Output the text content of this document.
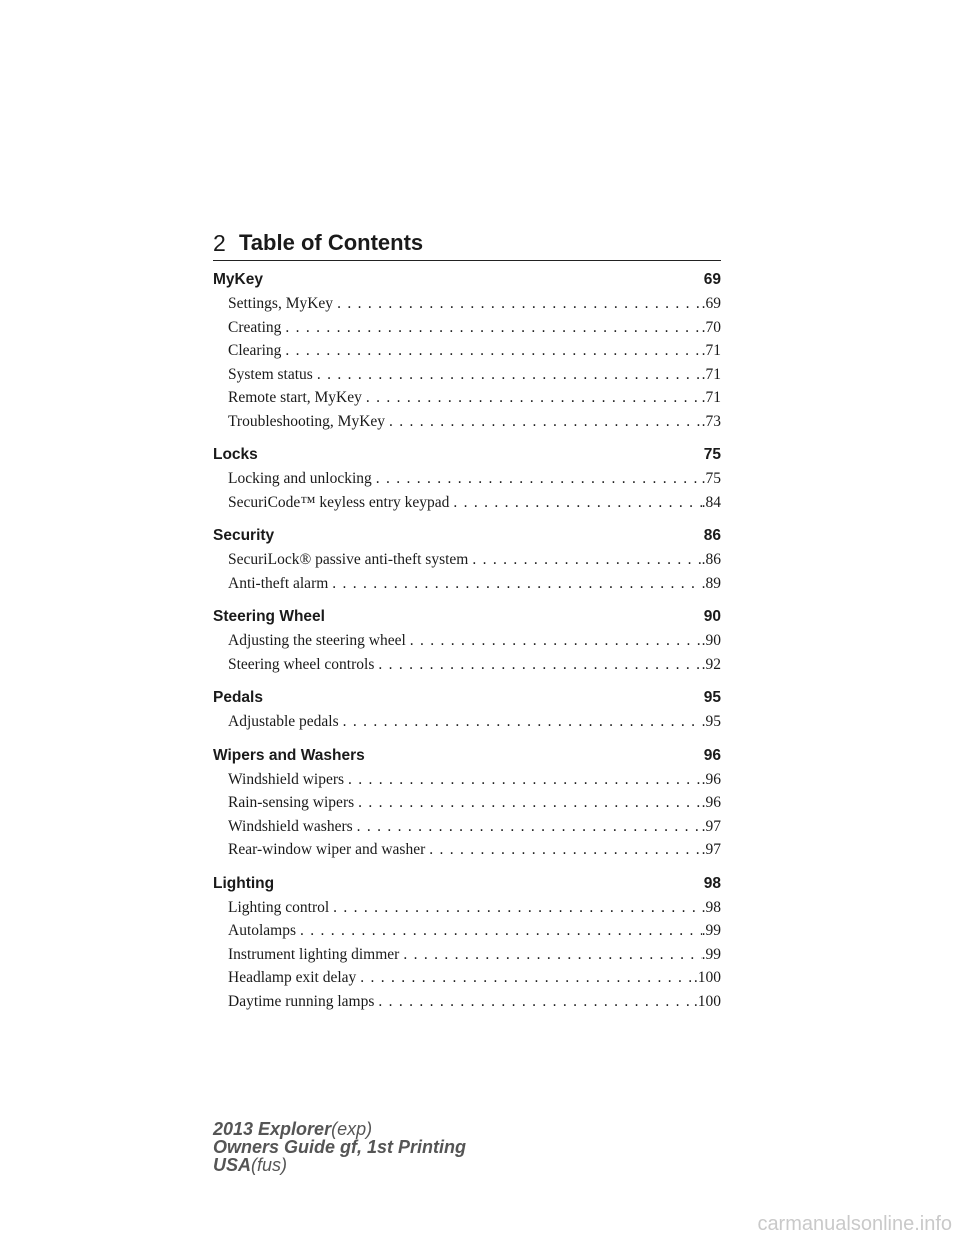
2 Table of Contents
MyKey	69
Settings, MyKey . . .	.69
Creating . . .	.70
Clearing . . .	.71
System status . . .	.71
Remote start, MyKey . . .	.71
Troubleshooting, MyKey . . .	.73
Locks	75
Locking and unlocking . . .	.75
SecuriCode™ keyless entry keypad . . .	.84
Security	86
SecuriLock® passive anti-theft system . . .	.86
Anti-theft alarm . . .	.89
Steering Wheel	90
Adjusting the steering wheel . . .	.90
Steering wheel controls . . .	.92
Pedals	95
Adjustable pedals . . .	.95
Wipers and Washers	96
Windshield wipers . . .	.96
Rain-sensing wipers . . .	.96
Windshield washers . . .	.97
Rear-window wiper and washer . . .	.97
Lighting	98
Lighting control . . .	.98
Autolamps . . .	.99
Instrument lighting dimmer . . .	.99
Headlamp exit delay . . .	.100
Daytime running lamps . . .	.100
2013 Explorer(exp)
Owners Guide gf, 1st Printing
USA(fus)
carmanualsonline.info
